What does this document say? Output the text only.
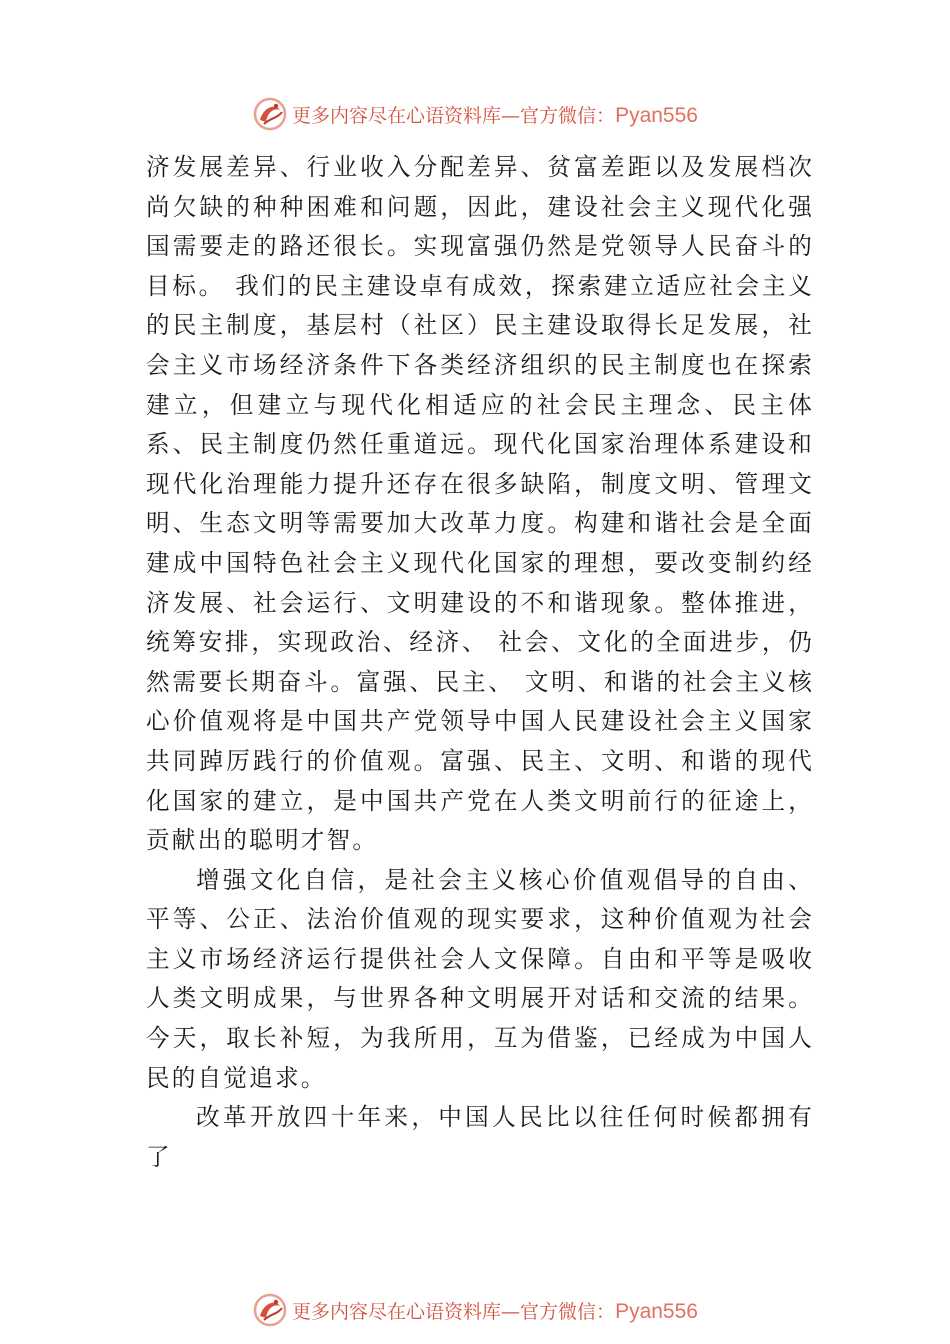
更多内容尽在心语资料库—官方微信：Pyan556

济发展差异、行业收入分配差异、贫富差距以及发展档次尚欠缺的种种困难和问题，因此，建设社会主义现代化强国需要走的路还很长。实现富强仍然是党领导人民奋斗的目标。 我们的民主建设卓有成效，探索建立适应社会主义的民主制度，基层村（社区）民主建设取得长足发展，社会主义市场经济条件下各类经济组织的民主制度也在探索建立，但建立与现代化相适应的社会民主理念、民主体系、民主制度仍然任重道远。现代化国家治理体系建设和现代化治理能力提升还存在很多缺陷，制度文明、管理文明、生态文明等需要加大改革力度。构建和谐社会是全面建成中国特色社会主义现代化国家的理想，要改变制约经济发展、社会运行、文明建设的不和谐现象。整体推进，统筹安排，实现政治、经济、 社会、文化的全面进步，仍然需要长期奋斗。富强、民主、 文明、和谐的社会主义核心价值观将是中国共产党领导中国人民建设社会主义国家共同踔厉践行的价值观。富强、民主、文明、和谐的现代化国家的建立，是中国共产党在人类文明前行的征途上，贡献出的聪明才智。

增强文化自信，是社会主义核心价值观倡导的自由、平等、公正、法治价值观的现实要求，这种价值观为社会主义市场经济运行提供社会人文保障。自由和平等是吸收人类文明成果，与世界各种文明展开对话和交流的结果。今天，取长补短，为我所用，互为借鉴，已经成为中国人民的自觉追求。

改革开放四十年来，中国人民比以往任何时候都拥有了

更多内容尽在心语资料库—官方微信：Pyan556
